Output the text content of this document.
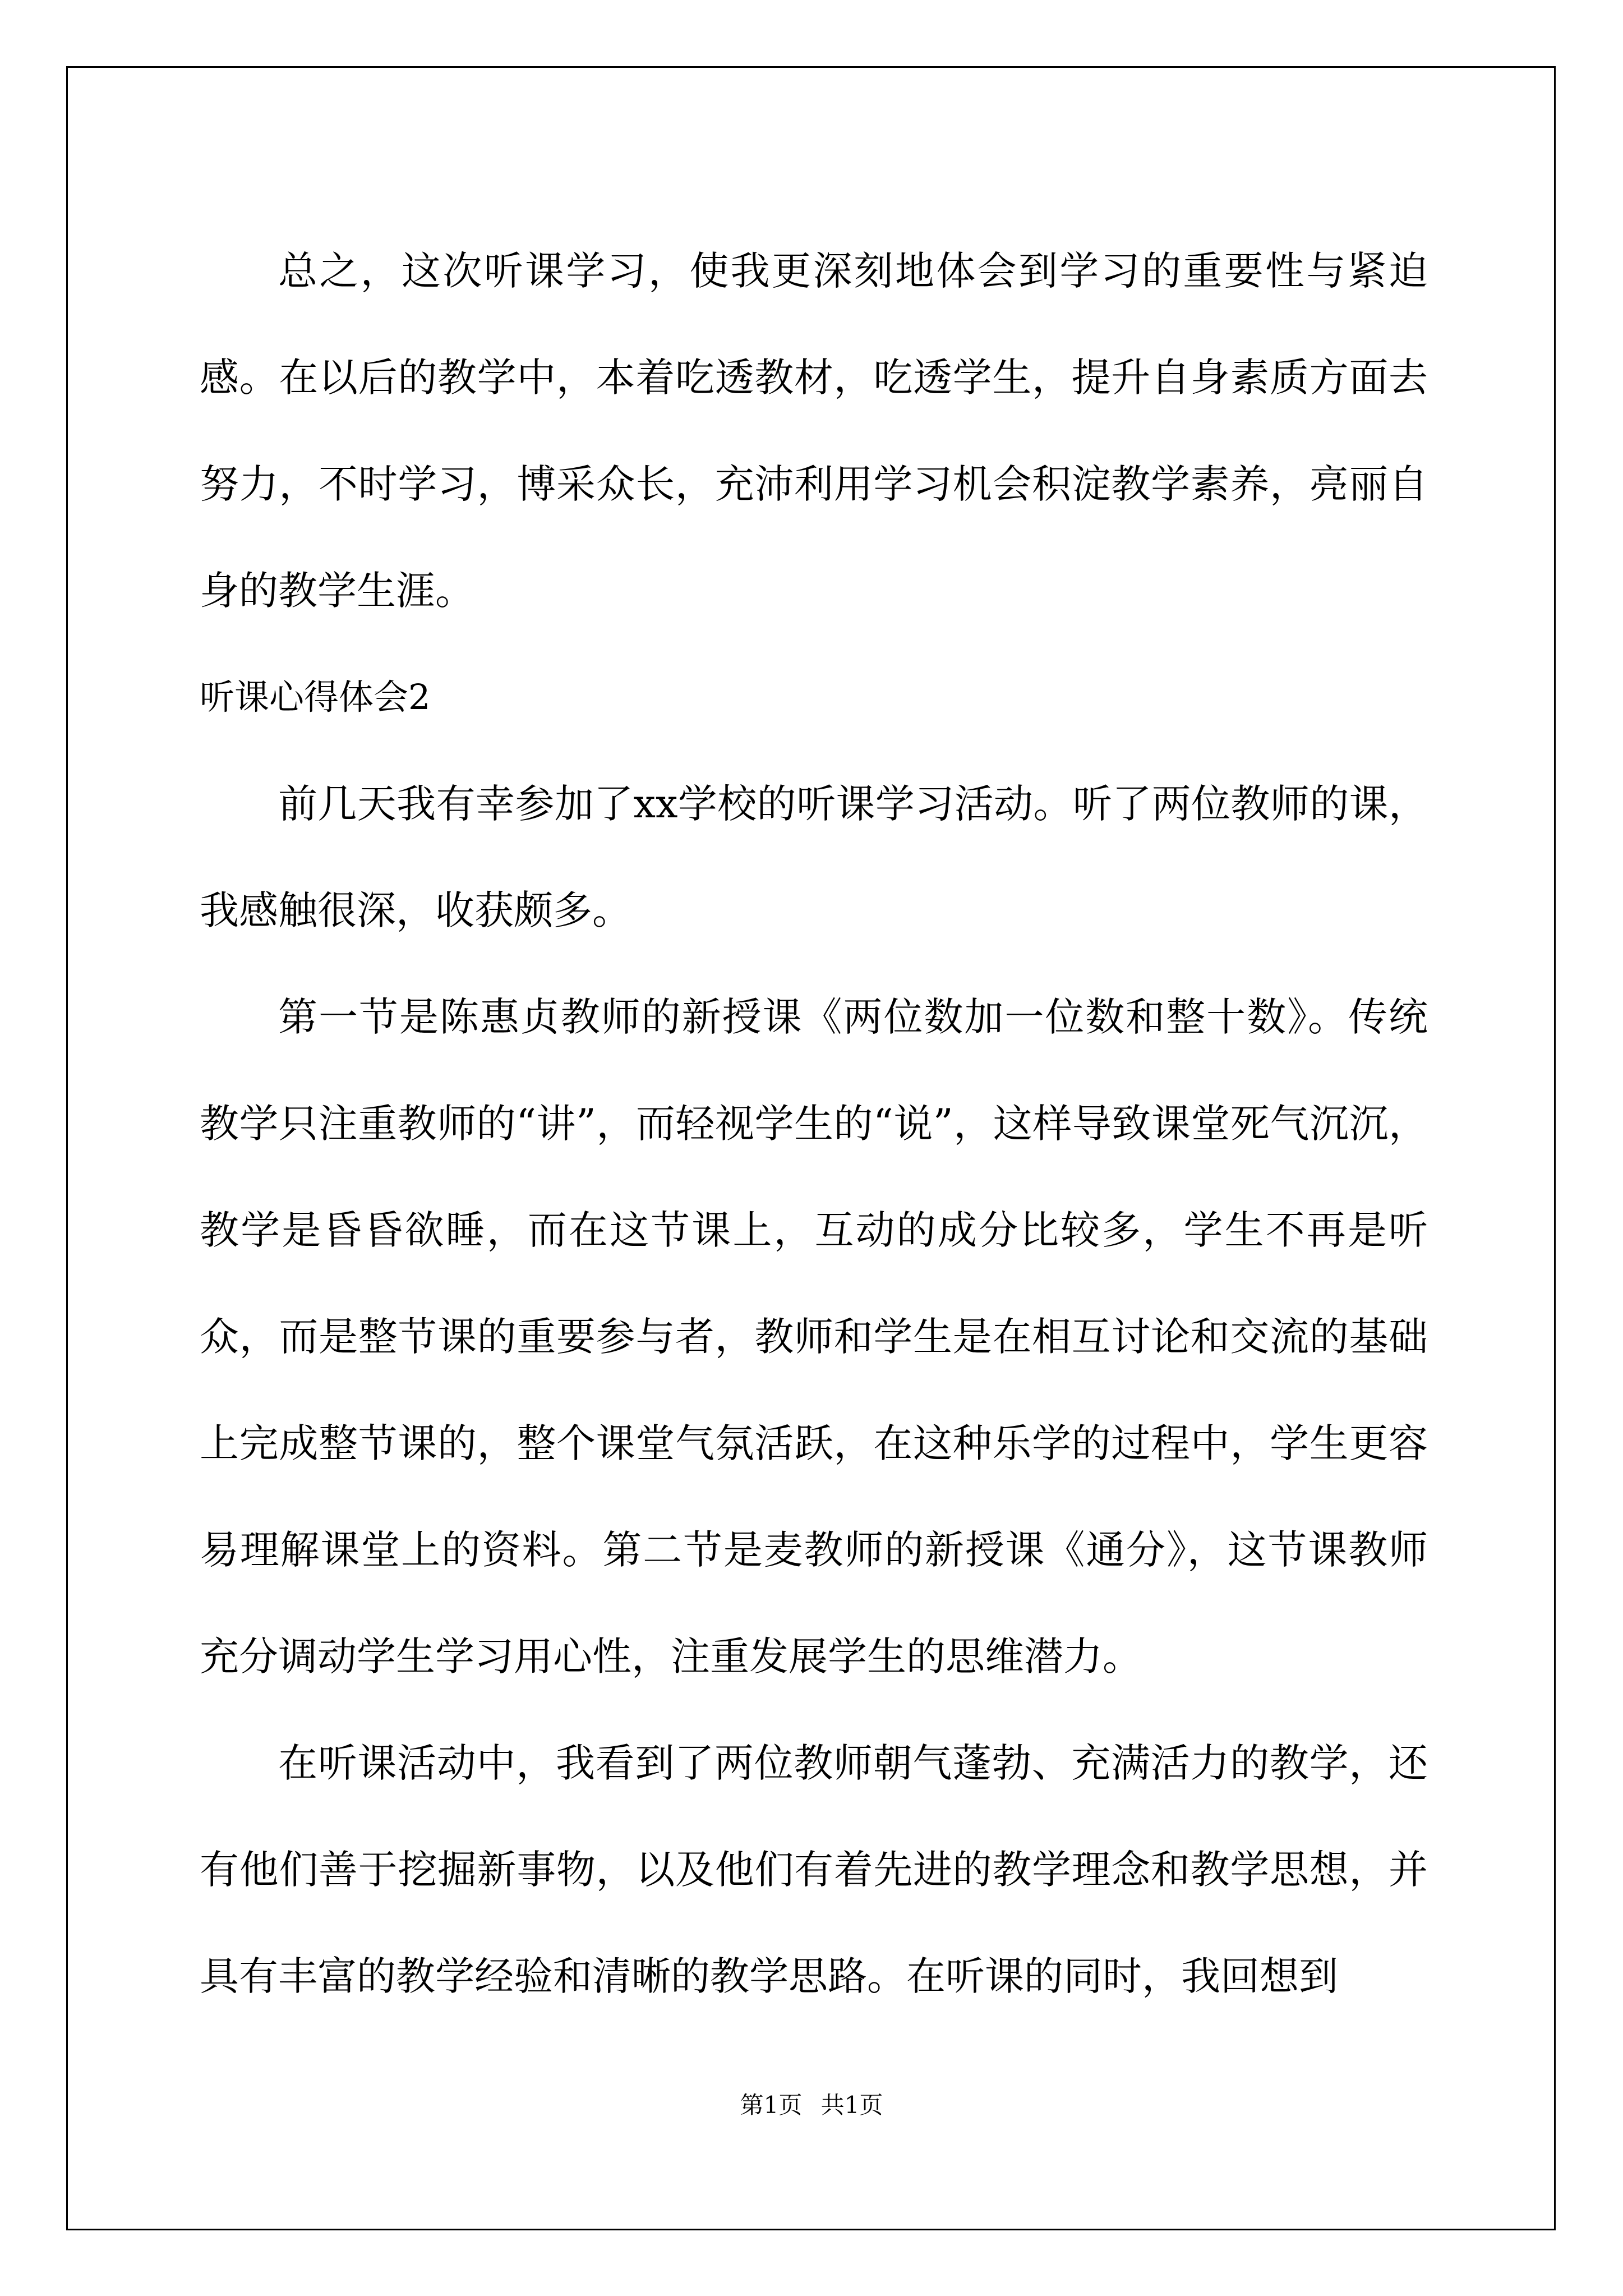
总之，这次听课学习，使我更深刻地体会到学习的重要性与紧迫感。在以后的教学中，本着吃透教材，吃透学生，提升自身素质方面去努力，不时学习，博采众长，充沛利用学习机会积淀教学素养，亮丽自身的教学生涯。

听课心得体会2

前几天我有幸参加了xx学校的听课学习活动。听了两位教师的课，我感触很深，收获颇多。

第一节是陈惠贞教师的新授课《两位数加一位数和整十数》。传统教学只注重教师的“讲”，而轻视学生的“说”，这样导致课堂死气沉沉，教学是昏昏欲睡，而在这节课上，互动的成分比较多，学生不再是听众，而是整节课的重要参与者，教师和学生是在相互讨论和交流的基础上完成整节课的，整个课堂气氛活跃，在这种乐学的过程中，学生更容易理解课堂上的资料。第二节是麦教师的新授课《通分》，这节课教师充分调动学生学习用心性，注重发展学生的思维潜力。

在听课活动中，我看到了两位教师朝气蓬勃、充满活力的教学，还有他们善于挖掘新事物，以及他们有着先进的教学理念和教学思想，并具有丰富的教学经验和清晰的教学思路。在听课的同时，我回想到

第1页 共1页
